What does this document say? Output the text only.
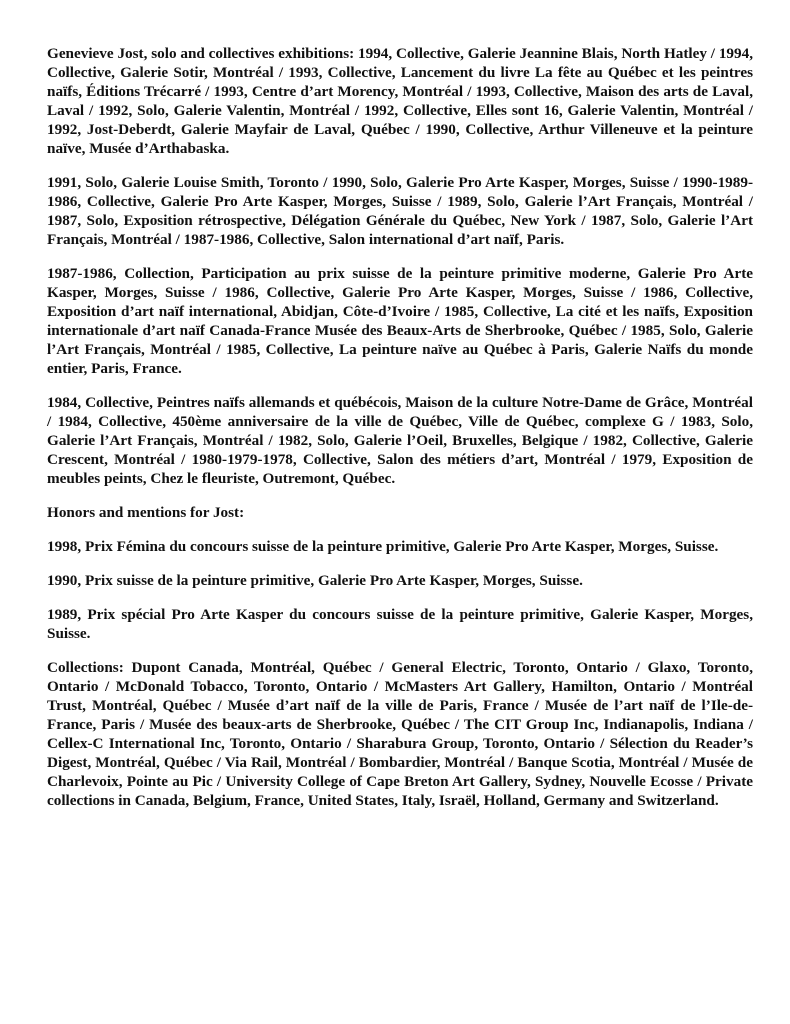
Genevieve Jost, solo and collectives exhibitions: 1994, Collective, Galerie Jeannine Blais, North Hatley / 1994, Collective, Galerie Sotir, Montréal / 1993, Collective, Lancement du livre La fête au Québec et les peintres naïfs, Éditions Trécarré / 1993, Centre d’art Morency, Montréal / 1993, Collective, Maison des arts de Laval, Laval / 1992, Solo, Galerie Valentin, Montréal / 1992, Collective, Elles sont 16, Galerie Valentin, Montréal / 1992, Jost-Deberdt, Galerie Mayfair de Laval, Québec / 1990, Collective, Arthur Villeneuve et la peinture naïve, Musée d’Arthabaska.

1991, Solo, Galerie Louise Smith, Toronto / 1990, Solo, Galerie Pro Arte Kasper, Morges, Suisse / 1990-1989-1986, Collective, Galerie Pro Arte Kasper, Morges, Suisse / 1989, Solo, Galerie l’Art Français, Montréal / 1987, Solo, Exposition rétrospective, Délégation Générale du Québec, New York / 1987, Solo, Galerie l’Art Français, Montréal / 1987-1986, Collective, Salon international d’art naïf, Paris.

1987-1986, Collection, Participation au prix suisse de la peinture primitive moderne, Galerie Pro Arte Kasper, Morges, Suisse / 1986, Collective, Galerie Pro Arte Kasper, Morges, Suisse / 1986, Collective, Exposition d’art naïf international, Abidjan, Côte-d’Ivoire / 1985, Collective, La cité et les naïfs, Exposition internationale d’art naïf Canada-France Musée des Beaux-Arts de Sherbrooke, Québec / 1985, Solo, Galerie l’Art Français, Montréal / 1985, Collective, La peinture naïve au Québec à Paris, Galerie Naïfs du monde entier, Paris, France.

1984, Collective, Peintres naïfs allemands et québécois, Maison de la culture Notre-Dame de Grâce, Montréal / 1984, Collective, 450ème anniversaire de la ville de Québec, Ville de Québec, complexe G / 1983, Solo, Galerie l’Art Français, Montréal / 1982, Solo, Galerie l’Oeil, Bruxelles, Belgique / 1982, Collective, Galerie Crescent, Montréal / 1980-1979-1978, Collective, Salon des métiers d’art, Montréal / 1979, Exposition de meubles peints, Chez le fleuriste, Outremont, Québec.

Honors and mentions for Jost:

1998, Prix Fémina du concours suisse de la peinture primitive, Galerie Pro Arte Kasper, Morges, Suisse.

1990, Prix suisse de la peinture primitive, Galerie Pro Arte Kasper, Morges, Suisse.

1989, Prix spécial Pro Arte Kasper du concours suisse de la peinture primitive, Galerie Kasper, Morges, Suisse.

Collections: Dupont Canada, Montréal, Québec / General Electric, Toronto, Ontario / Glaxo, Toronto, Ontario / McDonald Tobacco, Toronto, Ontario / McMasters Art Gallery, Hamilton, Ontario / Montréal Trust, Montréal, Québec / Musée d’art naïf de la ville de Paris, France / Musée de l’art naïf de l’Ile-de-France, Paris / Musée des beaux-arts de Sherbrooke, Québec / The CIT Group Inc, Indianapolis, Indiana / Cellex-C International Inc, Toronto, Ontario / Sharabura Group, Toronto, Ontario / Sélection du Reader’s Digest, Montréal, Québec / Via Rail, Montréal / Bombardier, Montréal / Banque Scotia, Montréal / Musée de Charlevoix, Pointe au Pic / University College of Cape Breton Art Gallery, Sydney, Nouvelle Ecosse / Private collections in Canada, Belgium, France, United States, Italy, Israël, Holland, Germany and Switzerland.
